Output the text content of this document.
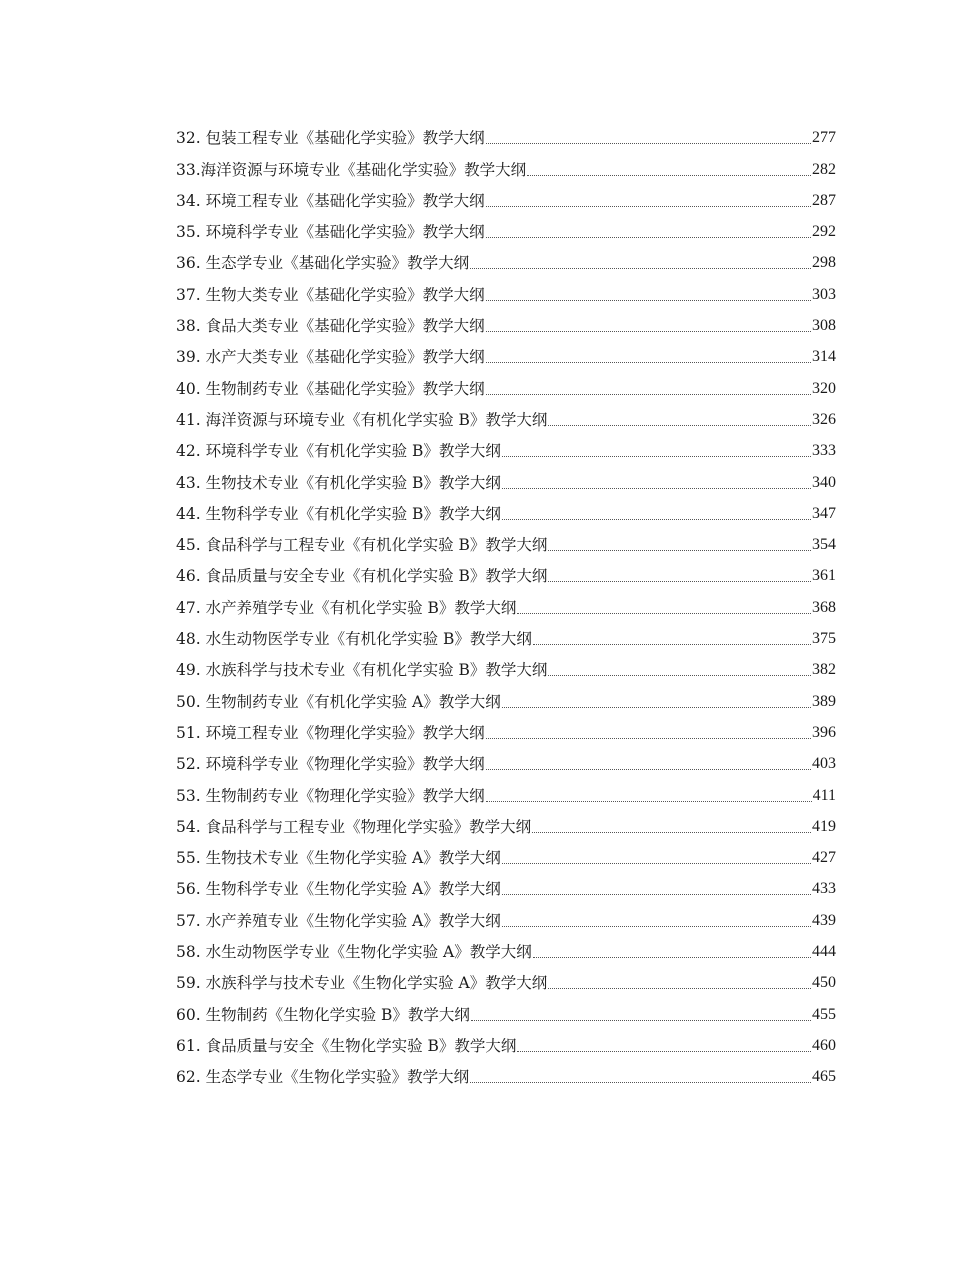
32. 包装工程专业《基础化学实验》教学大纲	277
33.海洋资源与环境专业《基础化学实验》教学大纲	282
34. 环境工程专业《基础化学实验》教学大纲	287
35. 环境科学专业《基础化学实验》教学大纲	292
36. 生态学专业《基础化学实验》教学大纲	298
37. 生物大类专业《基础化学实验》教学大纲	303
38. 食品大类专业《基础化学实验》教学大纲	308
39. 水产大类专业《基础化学实验》教学大纲	314
40. 生物制药专业《基础化学实验》教学大纲	320
41. 海洋资源与环境专业《有机化学实验 B》教学大纲	326
42. 环境科学专业《有机化学实验 B》教学大纲	333
43. 生物技术专业《有机化学实验 B》教学大纲	340
44. 生物科学专业《有机化学实验 B》教学大纲	347
45. 食品科学与工程专业《有机化学实验 B》教学大纲	354
46. 食品质量与安全专业《有机化学实验 B》教学大纲	361
47. 水产养殖学专业《有机化学实验 B》教学大纲	368
48. 水生动物医学专业《有机化学实验 B》教学大纲	375
49. 水族科学与技术专业《有机化学实验 B》教学大纲	382
50. 生物制药专业《有机化学实验 A》教学大纲	389
51. 环境工程专业《物理化学实验》教学大纲	396
52. 环境科学专业《物理化学实验》教学大纲	403
53. 生物制药专业《物理化学实验》教学大纲	411
54. 食品科学与工程专业《物理化学实验》教学大纲	419
55. 生物技术专业《生物化学实验 A》教学大纲	427
56. 生物科学专业《生物化学实验 A》教学大纲	433
57. 水产养殖专业《生物化学实验 A》教学大纲	439
58. 水生动物医学专业《生物化学实验 A》教学大纲	444
59. 水族科学与技术专业《生物化学实验 A》教学大纲	450
60. 生物制药《生物化学实验 B》教学大纲	455
61. 食品质量与安全《生物化学实验 B》教学大纲	460
62. 生态学专业《生物化学实验》教学大纲	465
